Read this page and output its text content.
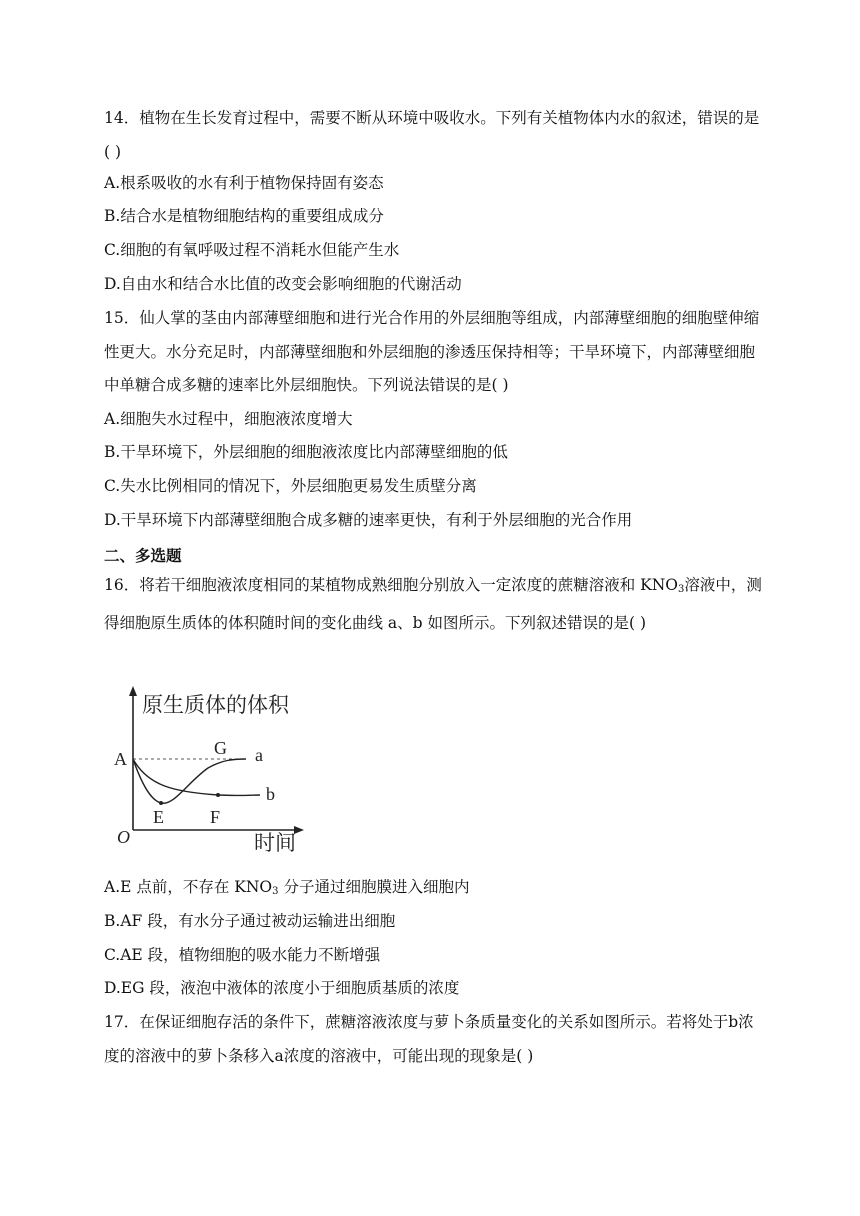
14．植物在生长发育过程中，需要不断从环境中吸收水。下列有关植物体内水的叙述，错误的是( )
A.根系吸收的水有利于植物保持固有姿态
B.结合水是植物细胞结构的重要组成成分
C.细胞的有氧呼吸过程不消耗水但能产生水
D.自由水和结合水比值的改变会影响细胞的代谢活动
15．仙人掌的茎由内部薄壁细胞和进行光合作用的外层细胞等组成，内部薄壁细胞的细胞壁伸缩性更大。水分充足时，内部薄壁细胞和外层细胞的渗透压保持相等；干旱环境下，内部薄壁细胞中单糖合成多糖的速率比外层细胞快。下列说法错误的是( )
A.细胞失水过程中，细胞液浓度增大
B.干旱环境下，外层细胞的细胞液浓度比内部薄壁细胞的低
C.失水比例相同的情况下，外层细胞更易发生质壁分离
D.干旱环境下内部薄壁细胞合成多糖的速率更快，有利于外层细胞的光合作用
二、多选题
16．将若干细胞液浓度相同的某植物成熟细胞分别放入一定浓度的蔗糖溶液和 $KNO_3$溶液中，测得细胞原生质体的体积随时间的变化曲线 a、b 如图所示。下列叙述错误的是( )
原生质体的体积
时间
O
A
G
E	F
a
b
A.E 点前，不存在 $KNO_3$ 分子通过细胞膜进入细胞内
B.AF 段，有水分子通过被动运输进出细胞
C.AE 段，植物细胞的吸水能力不断增强
D.EG 段，液泡中液体的浓度小于细胞质基质的浓度
17．在保证细胞存活的条件下，蔗糖溶液浓度与萝卜条质量变化的关系如图所示。若将处于b浓度的溶液中的萝卜条移入a浓度的溶液中，可能出现的现象是( )
